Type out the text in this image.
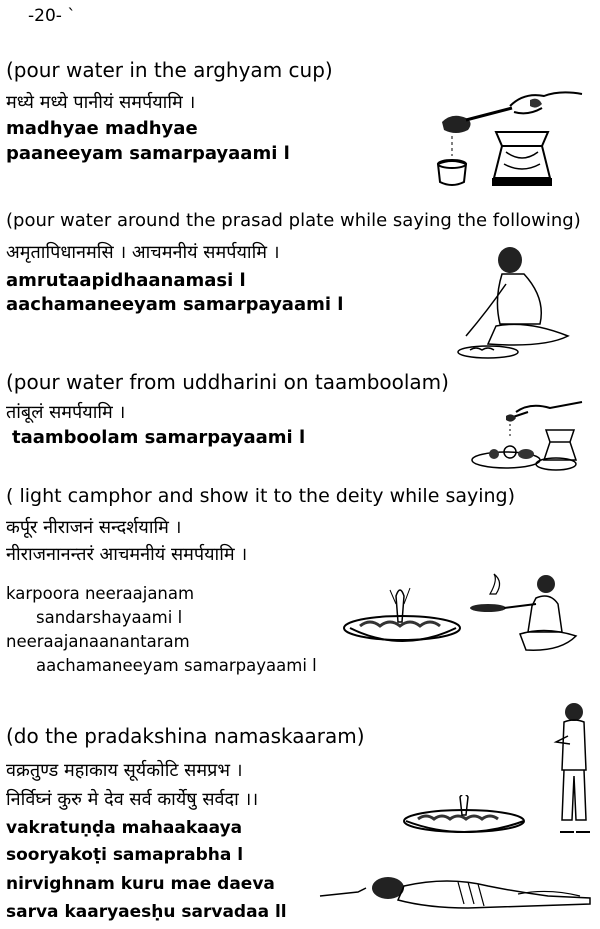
-20- `
(pour water in the arghyam cup)
मध्ये मध्ये पानीयं समर्पयामि ।
madhyae madhyae
paaneeyam samarpayaami l
(pour water around the prasad plate while saying the following)
अमृतापिधानमसि । आचमनीयं समर्पयामि ।
amrutaapidhaanamasi l
aachamaneeyam samarpayaami l
(pour water from uddharini on taamboolam)
तांबूलं समर्पयामि ।
taamboolam samarpayaami l
( light camphor and show it to the deity while saying)
कर्पूर नीराजनं सन्दर्शयामि ।
नीराजनानन्तरं आचमनीयं समर्पयामि ।
karpoora neeraajanam
sandarshayaami l
neeraajanaanantaram
aachamaneeyam samarpayaami l
(do the pradakshina namaskaaram)
वक्रतुण्ड महाकाय सूर्यकोटि समप्रभ ।
निर्विघ्नं कुरु मे देव सर्व कार्येषु सर्वदा ।।
vakratuṇḍa mahaakaaya
sooryakoṭi samaprabha l
nirvighnam kuru mae daeva
sarva kaaryaesḥu sarvadaa ll
